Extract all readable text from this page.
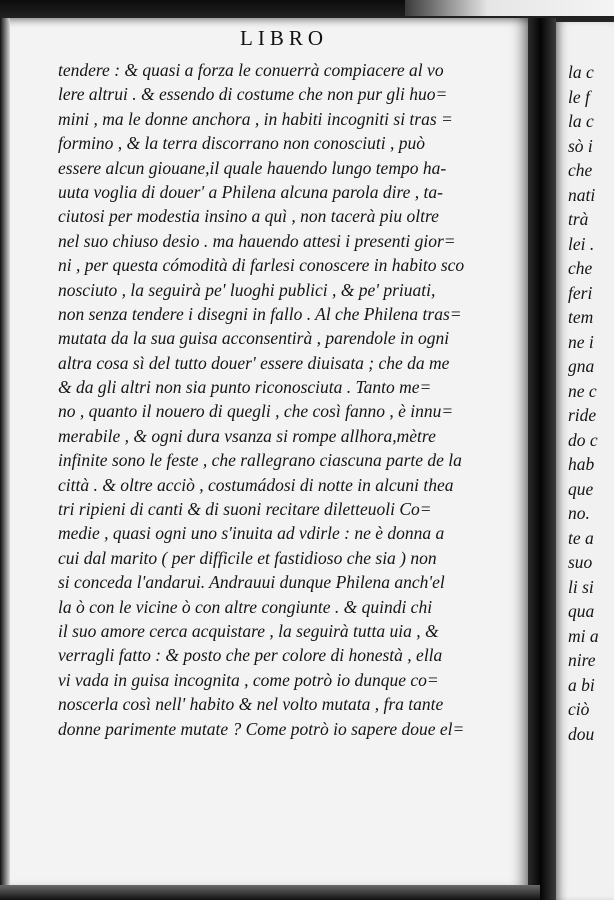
LIBRO
tendere : & quasi a forza le conuerrà compiacere al vo
lere altrui . & essendo di costume che non pur gli huo=
mini , ma le donne anchora , in habiti incogniti si tras =
formino , & la terra discorrano non conosciuti , può
essere alcun giouane,il quale hauendo lungo tempo ha-
uuta voglia di douer' a Philena alcuna parola dire , ta-
ciutosi per modestia insino a quì , non tacerà piu oltre
nel suo chiuso desio . ma hauendo attesi i presenti gior=
ni , per questa cómodità di farlesi conoscere in habito sco
nosciuto , la seguirà pe' luoghi publici , & pe' priuati,
non senza tendere i disegni in fallo . Al che Philena tras=
mutata da la sua guisa acconsentirà , parendole in ogni
altra cosa sì del tutto douer' essere diuisata ; che da me
& da gli altri non sia punto riconosciuta . Tanto me=
no , quanto il nouero di quegli , che così fanno , è innu=
merabile , & ogni dura vsanza si rompe allhora,mètre
infinite sono le feste , che rallegrano ciascuna parte de la
città . & oltre acciò , costumádosi di notte in alcuni thea
tri ripieni di canti & di suoni recitare diletteuoli Co=
medie , quasi ogni uno s'inuita ad vdirle : ne è donna a
cui dal marito ( per difficile et fastidioso che sia ) non
si conceda l'andarui. Andrauui dunque Philena anch'el
la ò con le vicine ò con altre congiunte . & quindi chi
il suo amore cerca acquistare , la seguirà tutta uia , &
verragli fatto : & posto che per colore di honestà , ella
vi vada in guisa incognita , come potrò io dunque co=
noscerla così nell' habito & nel volto mutata , fra tante
donne parimente mutate ? Come potrò io sapere doue el=
la c
le f
la c
sò i
che
nati
trà
lei .
che
feri
tem
ne i
gna
ne c
ride
do c
hab
que
no.
te a
suo
li si
qua
mi a
nire
a bi
ciò
dou
